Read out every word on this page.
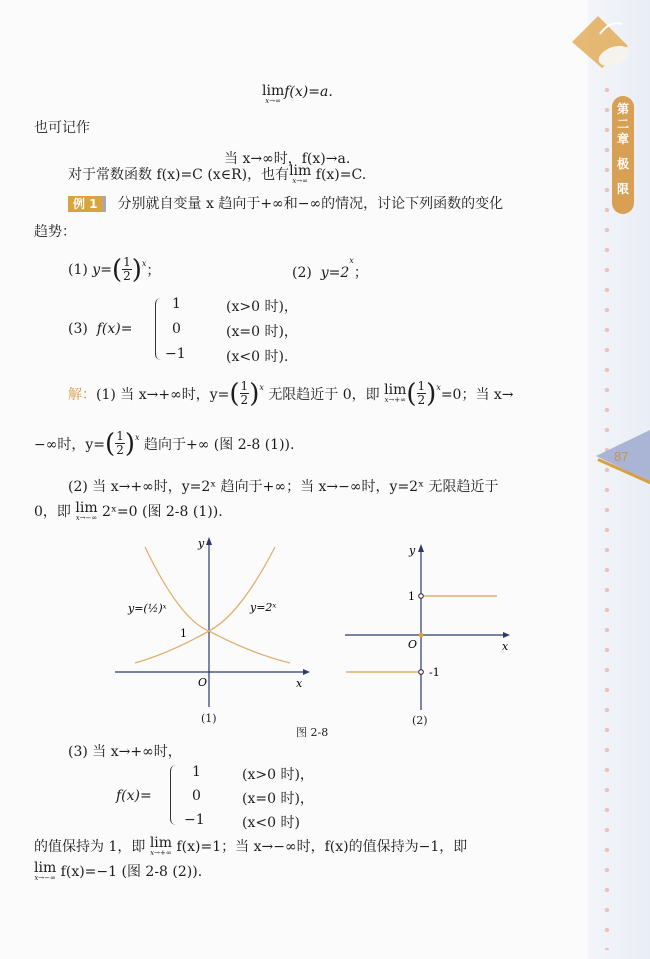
第
二
章
极
限
87
lim
x→∞
f(x)=a.
也可记作
当 x→∞时，f(x)→a.
对于常数函数 f(x)=C (x∈R)，也有lim
x→∞ f(x)=C.
例 1 分别就自变量 x 趋向于+∞和−∞的情况，讨论下列函数的变化
趋势：
(1)
y= ( $\frac{1}{2}$ ) x ；	(2) $y=2^x$；
(3) f(x)=
1	(x>0 时)，
0	(x=0 时)，
−1	(x<0 时).
解： (1) 当 x→+∞时，y= ( $\frac{1}{2}$ ) x
无限趋近于 0，即
lim
x→+∞ ( $\frac{1}{2}$ ) x =0；当 x→
−∞时，y= ( $\frac{1}{2}$ ) x
趋向于+∞ (图 2-8 (1)).
(2) 当 x→+∞时，y=2ˣ 趋向于+∞；当 x→−∞时，y=2ˣ 无限趋近于
0，即 lim
x→−∞ 2ˣ=0 (图 2-8 (1)).
y=(½)ˣ	y=2ˣ
1
O	x
y
(1)
图 2-8
1
-1
O	x
y
(2)
(3) 当 x→+∞时，
f(x)=
1	(x>0 时)，
0	(x=0 时)，
−1	(x<0 时)
的值保持为 1，即 lim
x→+∞ f(x)=1；当 x→−∞时，f(x)的值保持为−1，即
lim
x→−∞ f(x)=−1 (图 2-8 (2)).
